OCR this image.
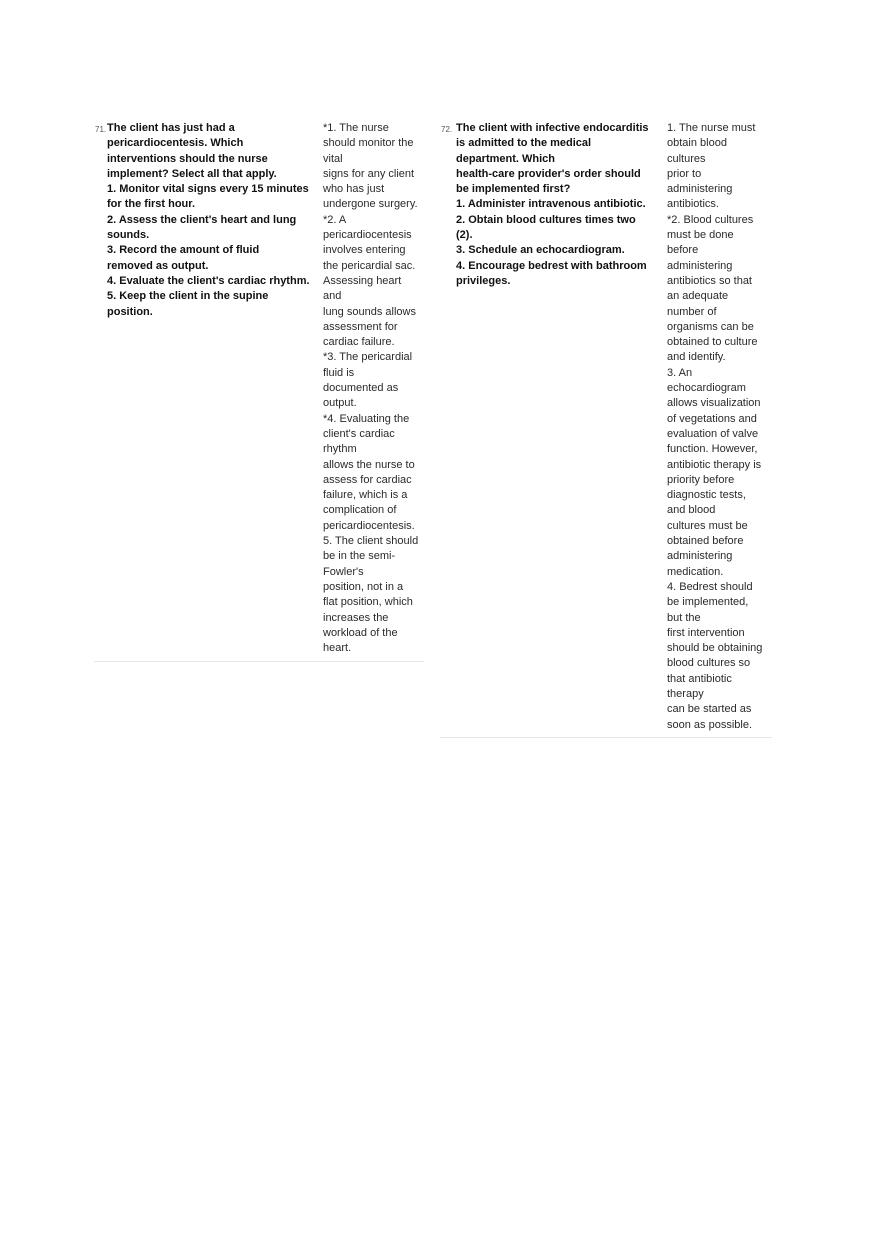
71. The client has just had a
pericardiocentesis. Which
interventions should the nurse
implement? Select all that apply.
1. Monitor vital signs every 15 minutes
for the first hour.
2. Assess the client's heart and lung
sounds.
3. Record the amount of fluid
removed as output.
4. Evaluate the client's cardiac rhythm.
5. Keep the client in the supine
position.
*1. The nurse
should monitor the
vital
signs for any client
who has just
undergone surgery.
*2. A
pericardiocentesis
involves entering
the pericardial sac.
Assessing heart
and
lung sounds allows
assessment for
cardiac failure.
*3. The pericardial
fluid is
documented as
output.
*4. Evaluating the
client's cardiac
rhythm
allows the nurse to
assess for cardiac
failure, which is a
complication of
pericardiocentesis.
5. The client should
be in the semi-
Fowler's
position, not in a
flat position, which
increases the
workload of the
heart.
72. The client with infective endocarditis
is admitted to the medical
department. Which
health-care provider's order should
be implemented first?
1. Administer intravenous antibiotic.
2. Obtain blood cultures times two
(2).
3. Schedule an echocardiogram.
4. Encourage bedrest with bathroom
privileges.
1. The nurse must
obtain blood
cultures
prior to
administering
antibiotics.
*2. Blood cultures
must be done
before
administering
antibiotics so that
an adequate
number of
organisms can be
obtained to culture
and identify.
3. An
echocardiogram
allows visualization
of vegetations and
evaluation of valve
function. However,
antibiotic therapy is
priority before
diagnostic tests,
and blood
cultures must be
obtained before
administering
medication.
4. Bedrest should
be implemented,
but the
first intervention
should be obtaining
blood cultures so
that antibiotic
therapy
can be started as
soon as possible.
